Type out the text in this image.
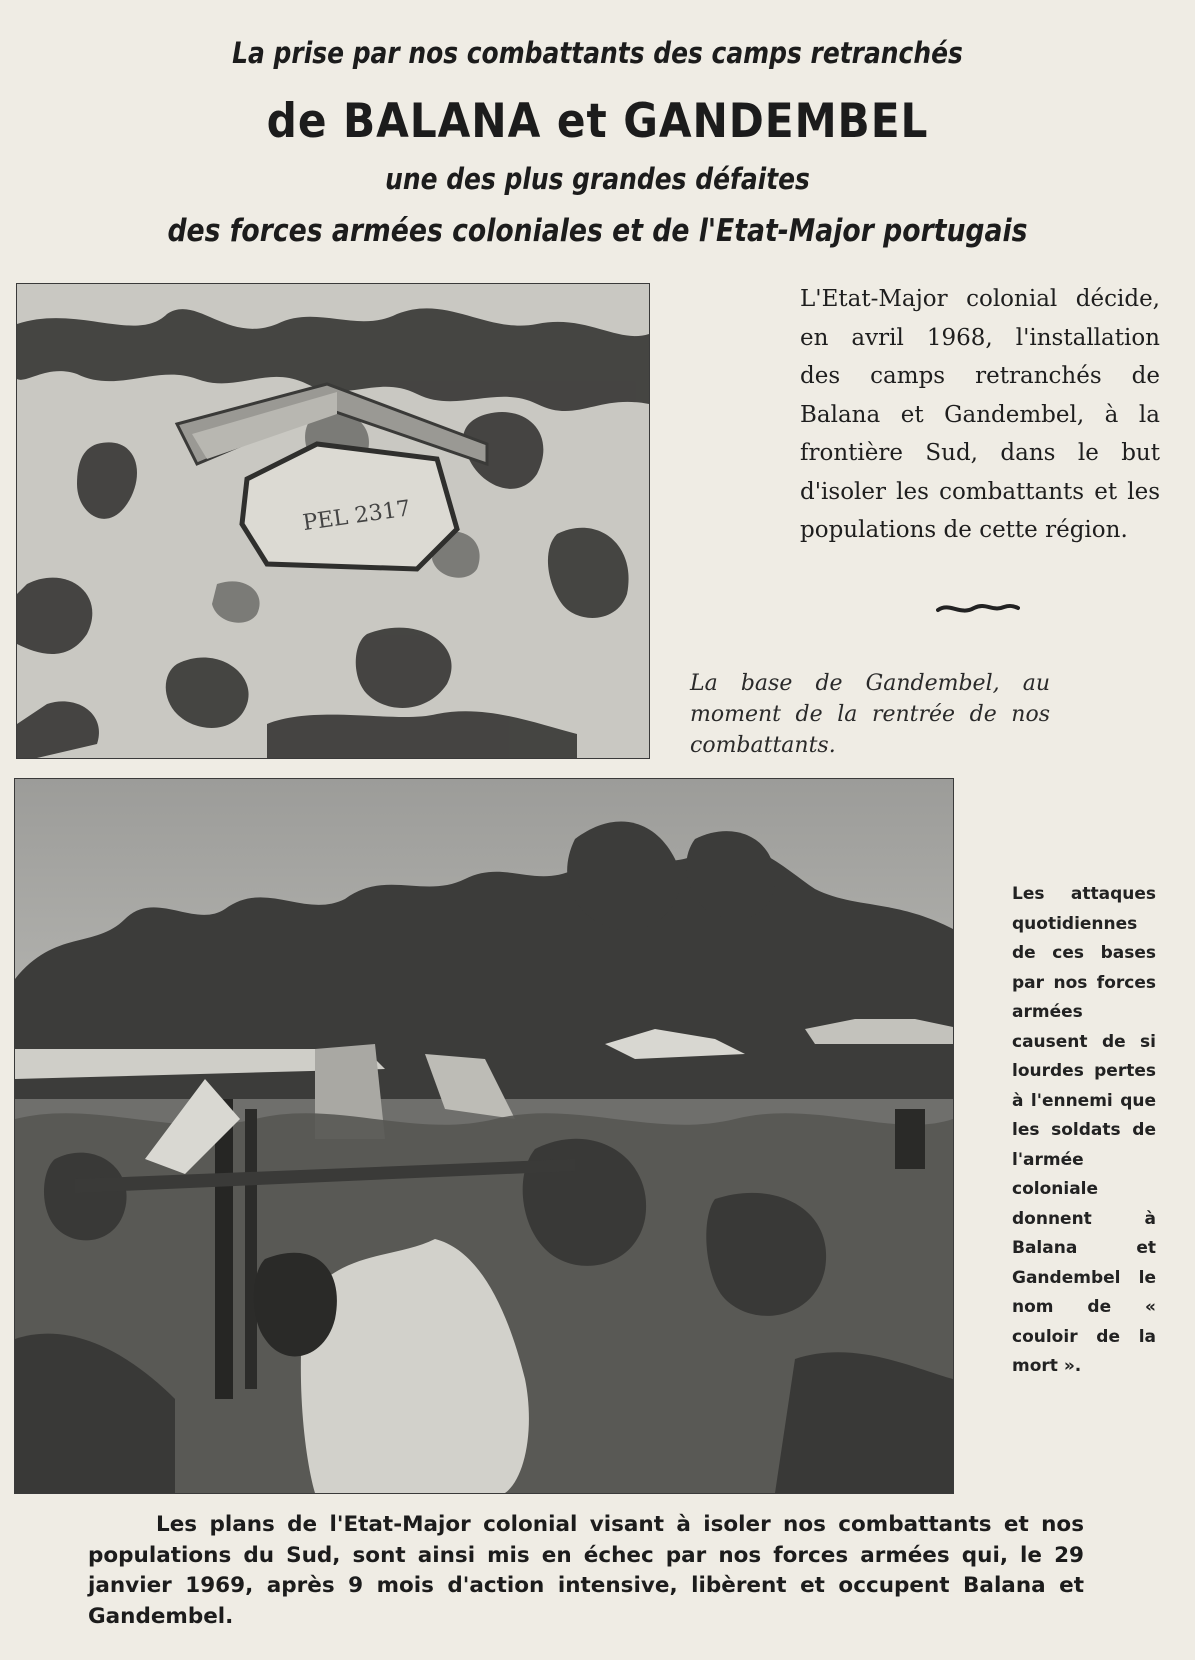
La prise par nos combattants des camps retranchés
de BALANA et GANDEMBEL
une des plus grandes défaites
des forces armées coloniales et de l'Etat-Major portugais
PEL 2317
L'Etat-Major colonial décide, en avril 1968, l'installation des camps retranchés de Balana et Gandembel, à la frontière Sud, dans le but d'isoler les combattants et les populations de cette région.
La base de Gandembel, au moment de la rentrée de nos combattants.
Les attaques quotidiennes de ces bases par nos forces armées causent de si lourdes pertes à l'ennemi que les soldats de l'armée coloniale donnent à Balana et Gandembel le nom de « couloir de la mort ».
Les plans de l'Etat-Major colonial visant à isoler nos combattants et nos populations du Sud, sont ainsi mis en échec par nos forces armées qui, le 29 janvier 1969, après 9 mois d'action intensive, libèrent et occupent Balana et Gandembel.
